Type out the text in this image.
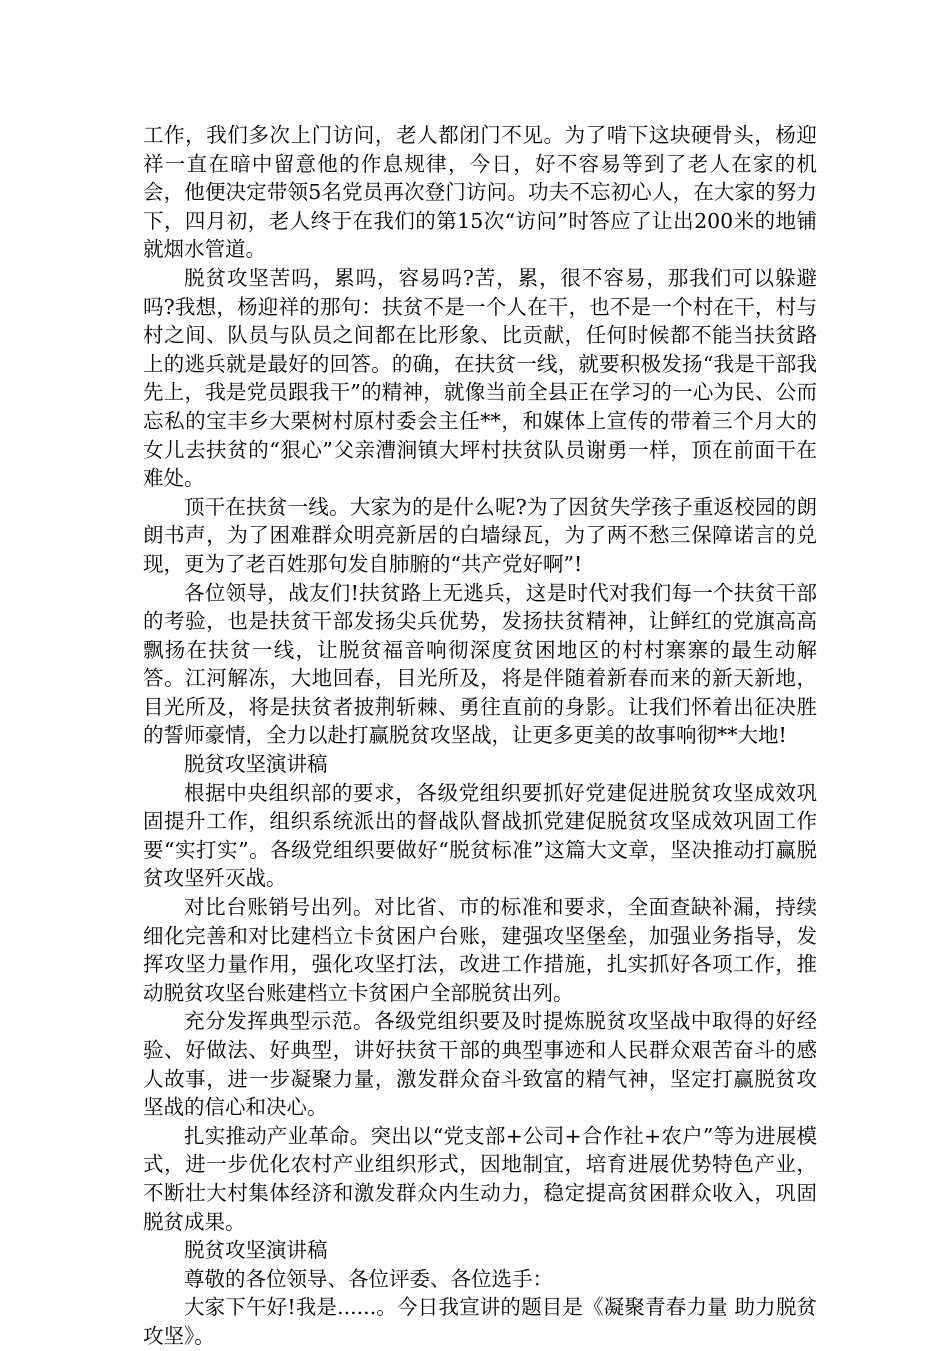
工作，我们多次上门访问，老人都闭门不见。为了啃下这块硬骨头，杨迎祥一直在暗中留意他的作息规律，今日，好不容易等到了老人在家的机会，他便决定带领5名党员再次登门访问。功夫不忘初心人，在大家的努力下，四月初，老人终于在我们的第15次“访问”时答应了让出200米的地铺就烟水管道。

脱贫攻坚苦吗，累吗，容易吗?苦，累，很不容易，那我们可以躲避吗?我想，杨迎祥的那句：扶贫不是一个人在干，也不是一个村在干，村与村之间、队员与队员之间都在比形象、比贡献，任何时候都不能当扶贫路上的逃兵就是最好的回答。的确，在扶贫一线，就要积极发扬“我是干部我先上，我是党员跟我干”的精神，就像当前全县正在学习的一心为民、公而忘私的宝丰乡大栗树村原村委会主任**，和媒体上宣传的带着三个月大的女儿去扶贫的“狠心”父亲漕涧镇大坪村扶贫队员谢勇一样，顶在前面干在难处。

顶干在扶贫一线。大家为的是什么呢?为了因贫失学孩子重返校园的朗朗书声，为了困难群众明亮新居的白墙绿瓦，为了两不愁三保障诺言的兑现，更为了老百姓那句发自肺腑的“共产党好啊”!

各位领导，战友们!扶贫路上无逃兵，这是时代对我们每一个扶贫干部的考验，也是扶贫干部发扬尖兵优势，发扬扶贫精神，让鲜红的党旗高高飘扬在扶贫一线，让脱贫福音响彻深度贫困地区的村村寨寨的最生动解答。江河解冻，大地回春，目光所及，将是伴随着新春而来的新天新地，目光所及，将是扶贫者披荆斩棘、勇往直前的身影。让我们怀着出征决胜的誓师豪情，全力以赴打赢脱贫攻坚战，让更多更美的故事响彻**大地!

脱贫攻坚演讲稿

根据中央组织部的要求，各级党组织要抓好党建促进脱贫攻坚成效巩固提升工作，组织系统派出的督战队督战抓党建促脱贫攻坚成效巩固工作要“实打实”。各级党组织要做好“脱贫标准”这篇大文章，坚决推动打赢脱贫攻坚歼灭战。

对比台账销号出列。对比省、市的标准和要求，全面查缺补漏，持续细化完善和对比建档立卡贫困户台账，建强攻坚堡垒，加强业务指导，发挥攻坚力量作用，强化攻坚打法，改进工作措施，扎实抓好各项工作，推动脱贫攻坚台账建档立卡贫困户全部脱贫出列。

充分发挥典型示范。各级党组织要及时提炼脱贫攻坚战中取得的好经验、好做法、好典型，讲好扶贫干部的典型事迹和人民群众艰苦奋斗的感人故事，进一步凝聚力量，激发群众奋斗致富的精气神，坚定打赢脱贫攻坚战的信心和决心。

扎实推动产业革命。突出以“党支部+公司+合作社+农户”等为进展模式，进一步优化农村产业组织形式，因地制宜，培育进展优势特色产业，不断壮大村集体经济和激发群众内生动力，稳定提高贫困群众收入，巩固脱贫成果。

脱贫攻坚演讲稿

尊敬的各位领导、各位评委、各位选手：

大家下午好!我是......。今日我宣讲的题目是《凝聚青春力量 助力脱贫攻坚》。
